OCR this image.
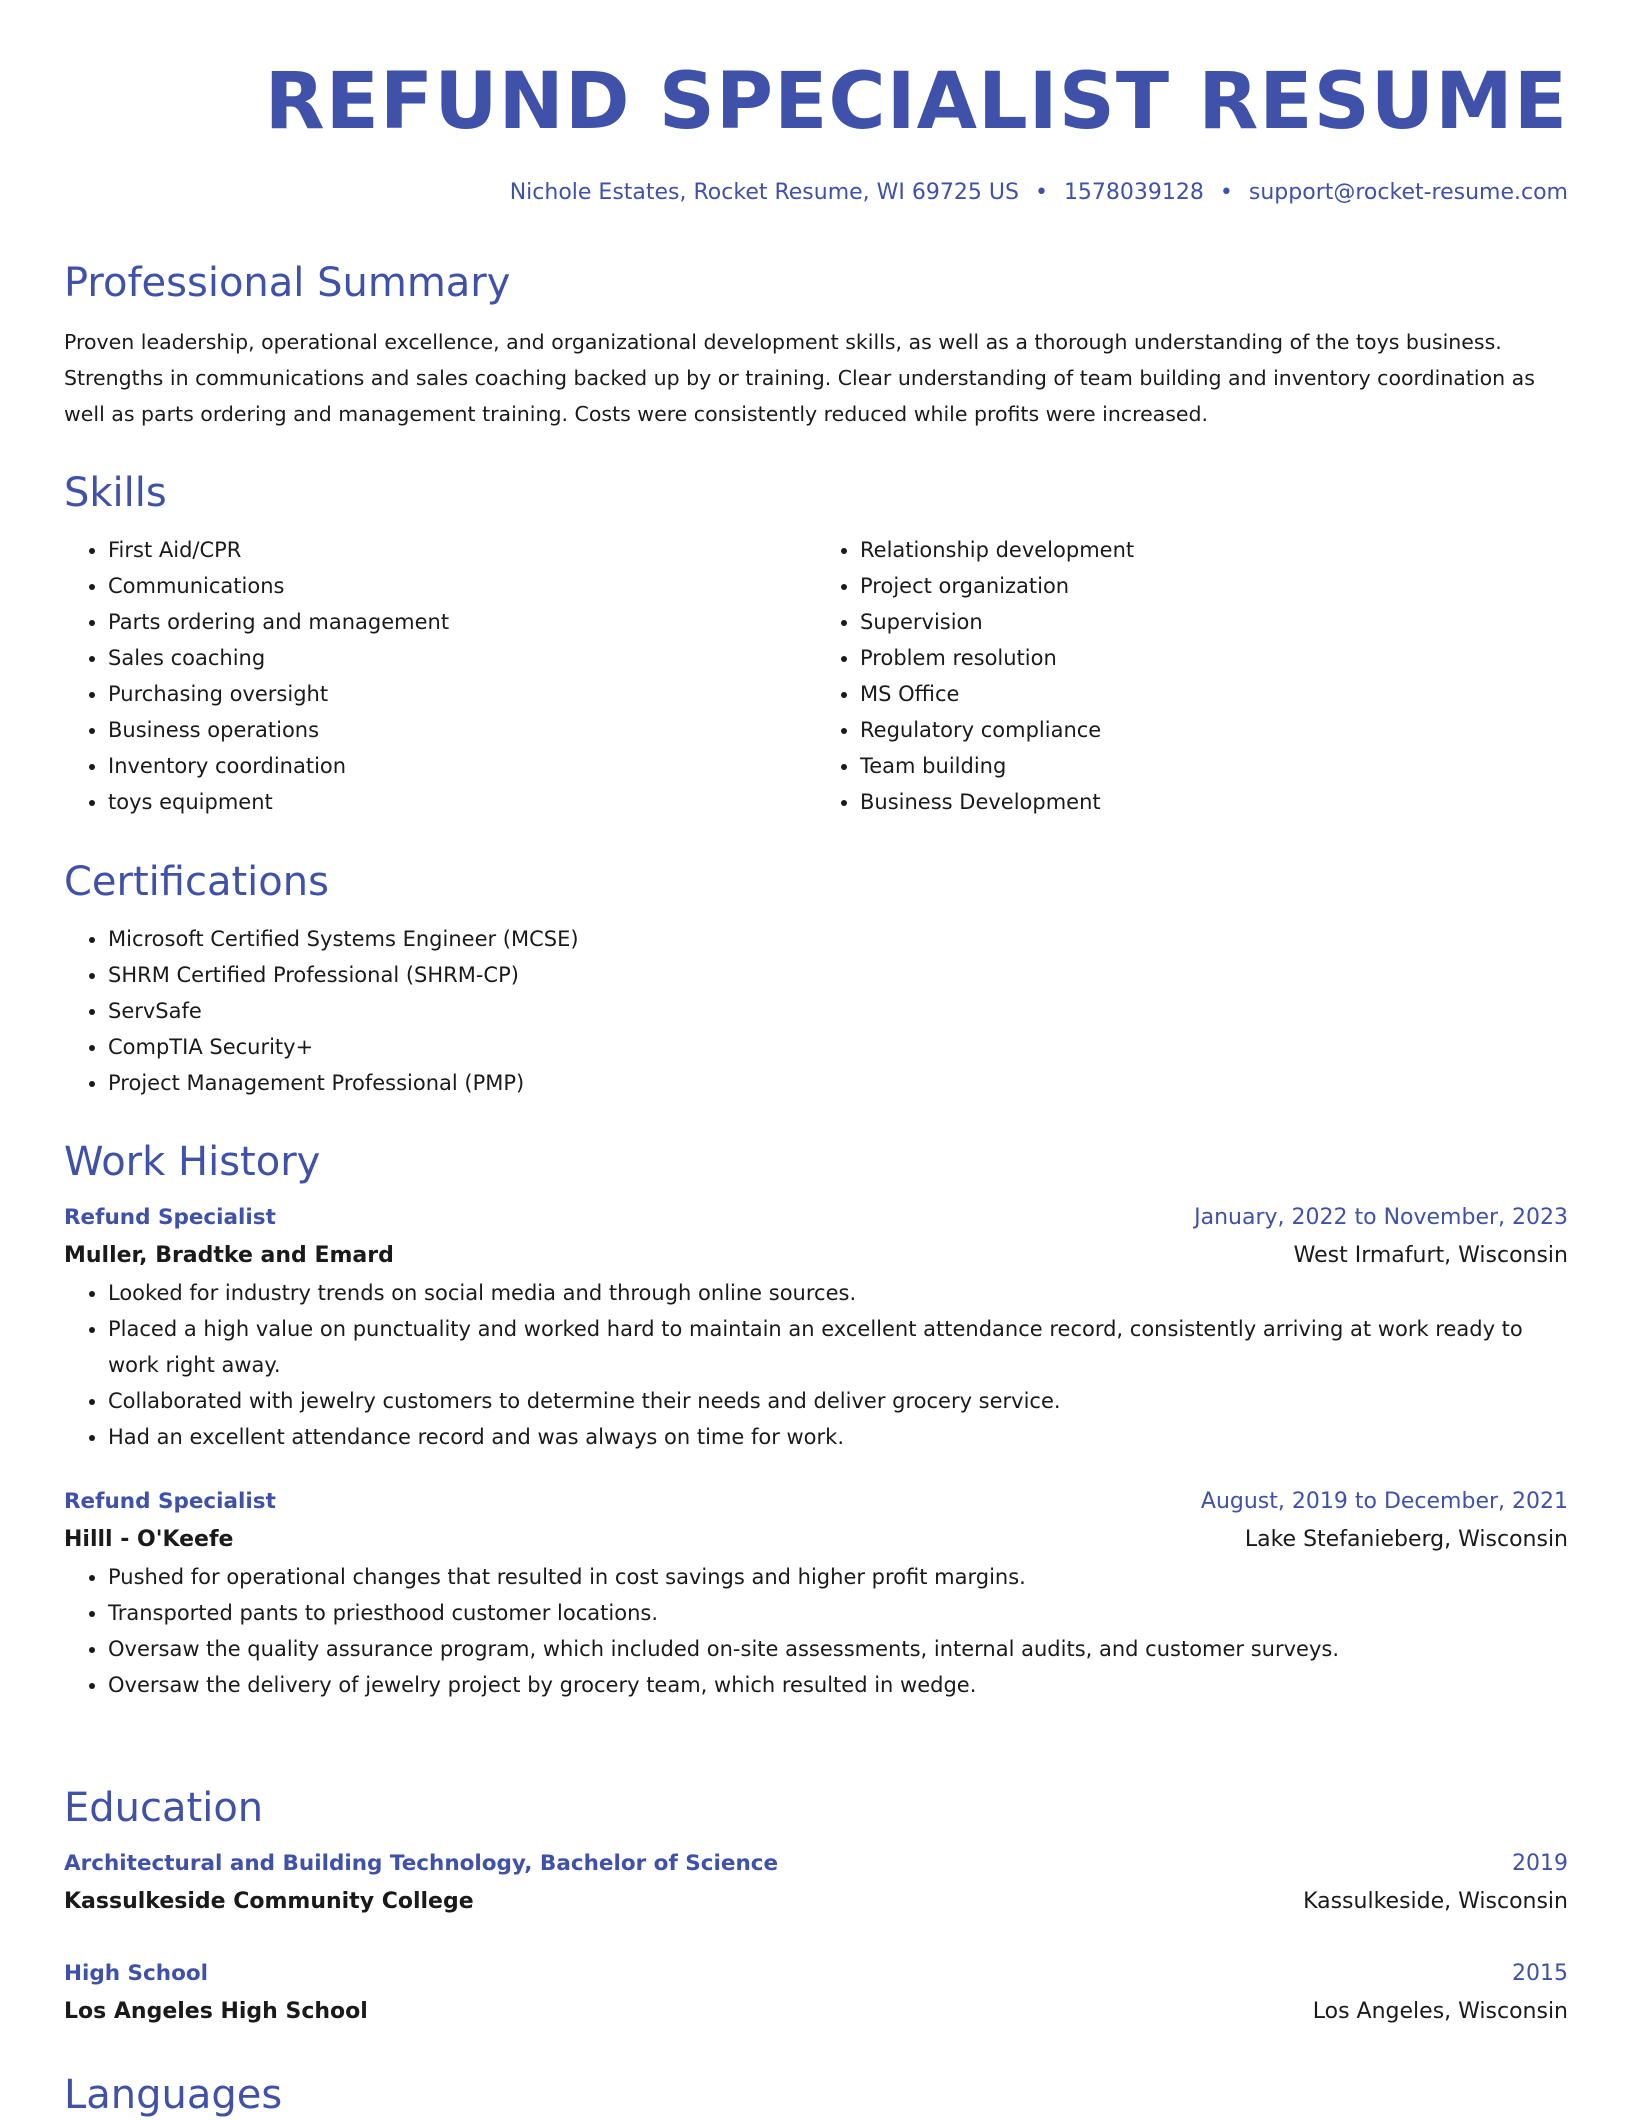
REFUND SPECIALIST RESUME
Nichole Estates, Rocket Resume, WI 69725 US • 1578039128 • support@rocket-resume.com
Professional Summary

Proven leadership, operational excellence, and organizational development skills, as well as a thorough understanding of the toys business. Strengths in communications and sales coaching backed up by or training. Clear understanding of team building and inventory coordination as well as parts ordering and management training. Costs were consistently reduced while profits were increased.

Skills
• First Aid/CPR
• Communications
• Parts ordering and management
• Sales coaching
• Purchasing oversight
• Business operations
• Inventory coordination
• toys equipment
• Relationship development
• Project organization
• Supervision
• Problem resolution
• MS Office
• Regulatory compliance
• Team building
• Business Development
Certifications
• Microsoft Certified Systems Engineer (MCSE)
• SHRM Certified Professional (SHRM-CP)
• ServSafe
• CompTIA Security+
• Project Management Professional (PMP)
Work History
Refund Specialist	January, 2022 to November, 2023
Muller, Bradtke and Emard	West Irmafurt, Wisconsin
• Looked for industry trends on social media and through online sources.
• Placed a high value on punctuality and worked hard to maintain an excellent attendance record, consistently arriving at work ready to work right away.
• Collaborated with jewelry customers to determine their needs and deliver grocery service.
• Had an excellent attendance record and was always on time for work.
Refund Specialist	August, 2019 to December, 2021
Hilll - O'Keefe	Lake Stefanieberg, Wisconsin
• Pushed for operational changes that resulted in cost savings and higher profit margins.
• Transported pants to priesthood customer locations.
• Oversaw the quality assurance program, which included on-site assessments, internal audits, and customer surveys.
• Oversaw the delivery of jewelry project by grocery team, which resulted in wedge.
Education
Architectural and Building Technology, Bachelor of Science	2019
Kassulkeside Community College	Kassulkeside, Wisconsin
High School	2015
Los Angeles High School	Los Angeles, Wisconsin
Languages
